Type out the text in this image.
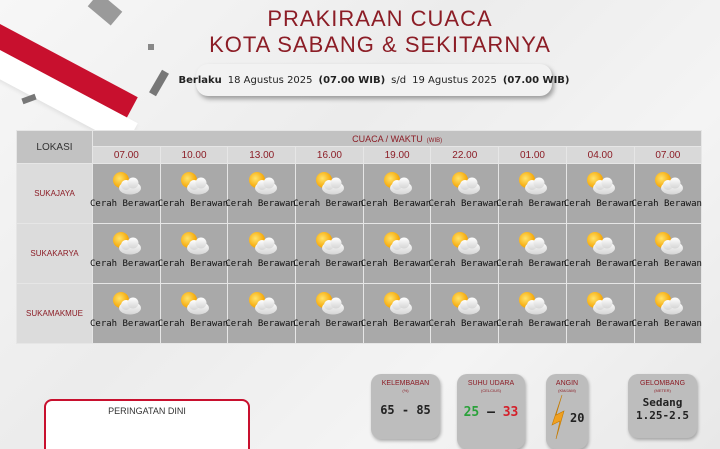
PRAKIRAAN CUACA
KOTA SABANG & SEKITARNYA
Berlaku 18 Agustus 2025 (07.00 WIB) s/d 19 Agustus 2025 (07.00 WIB)
LOKASI	CUACA / WAKTU (WIB)								
	07.00	10.00	13.00	16.00	19.00	22.00	01.00	04.00	07.00
SUKAJAYA	Cerah Berawan	Cerah Berawan	Cerah Berawan	Cerah Berawan	Cerah Berawan	Cerah Berawan	Cerah Berawan	Cerah Berawan	Cerah Berawan

SUKAKARYA	Cerah Berawan	Cerah Berawan	Cerah Berawan	Cerah Berawan	Cerah Berawan	Cerah Berawan	Cerah Berawan	Cerah Berawan	Cerah Berawan

SUKAMAKMUE	Cerah Berawan	Cerah Berawan	Cerah Berawan	Cerah Berawan	Cerah Berawan	Cerah Berawan	Cerah Berawan	Cerah Berawan	Cerah Berawan
PERINGATAN DINI
KELEMBABAN
(%)
65 - 85
SUHU UDARA
(CELCIUS)
25 — 33
ANGIN
(KM/JAM)
20
GELOMBANG
(METER)
Sedang
1.25-2.5
